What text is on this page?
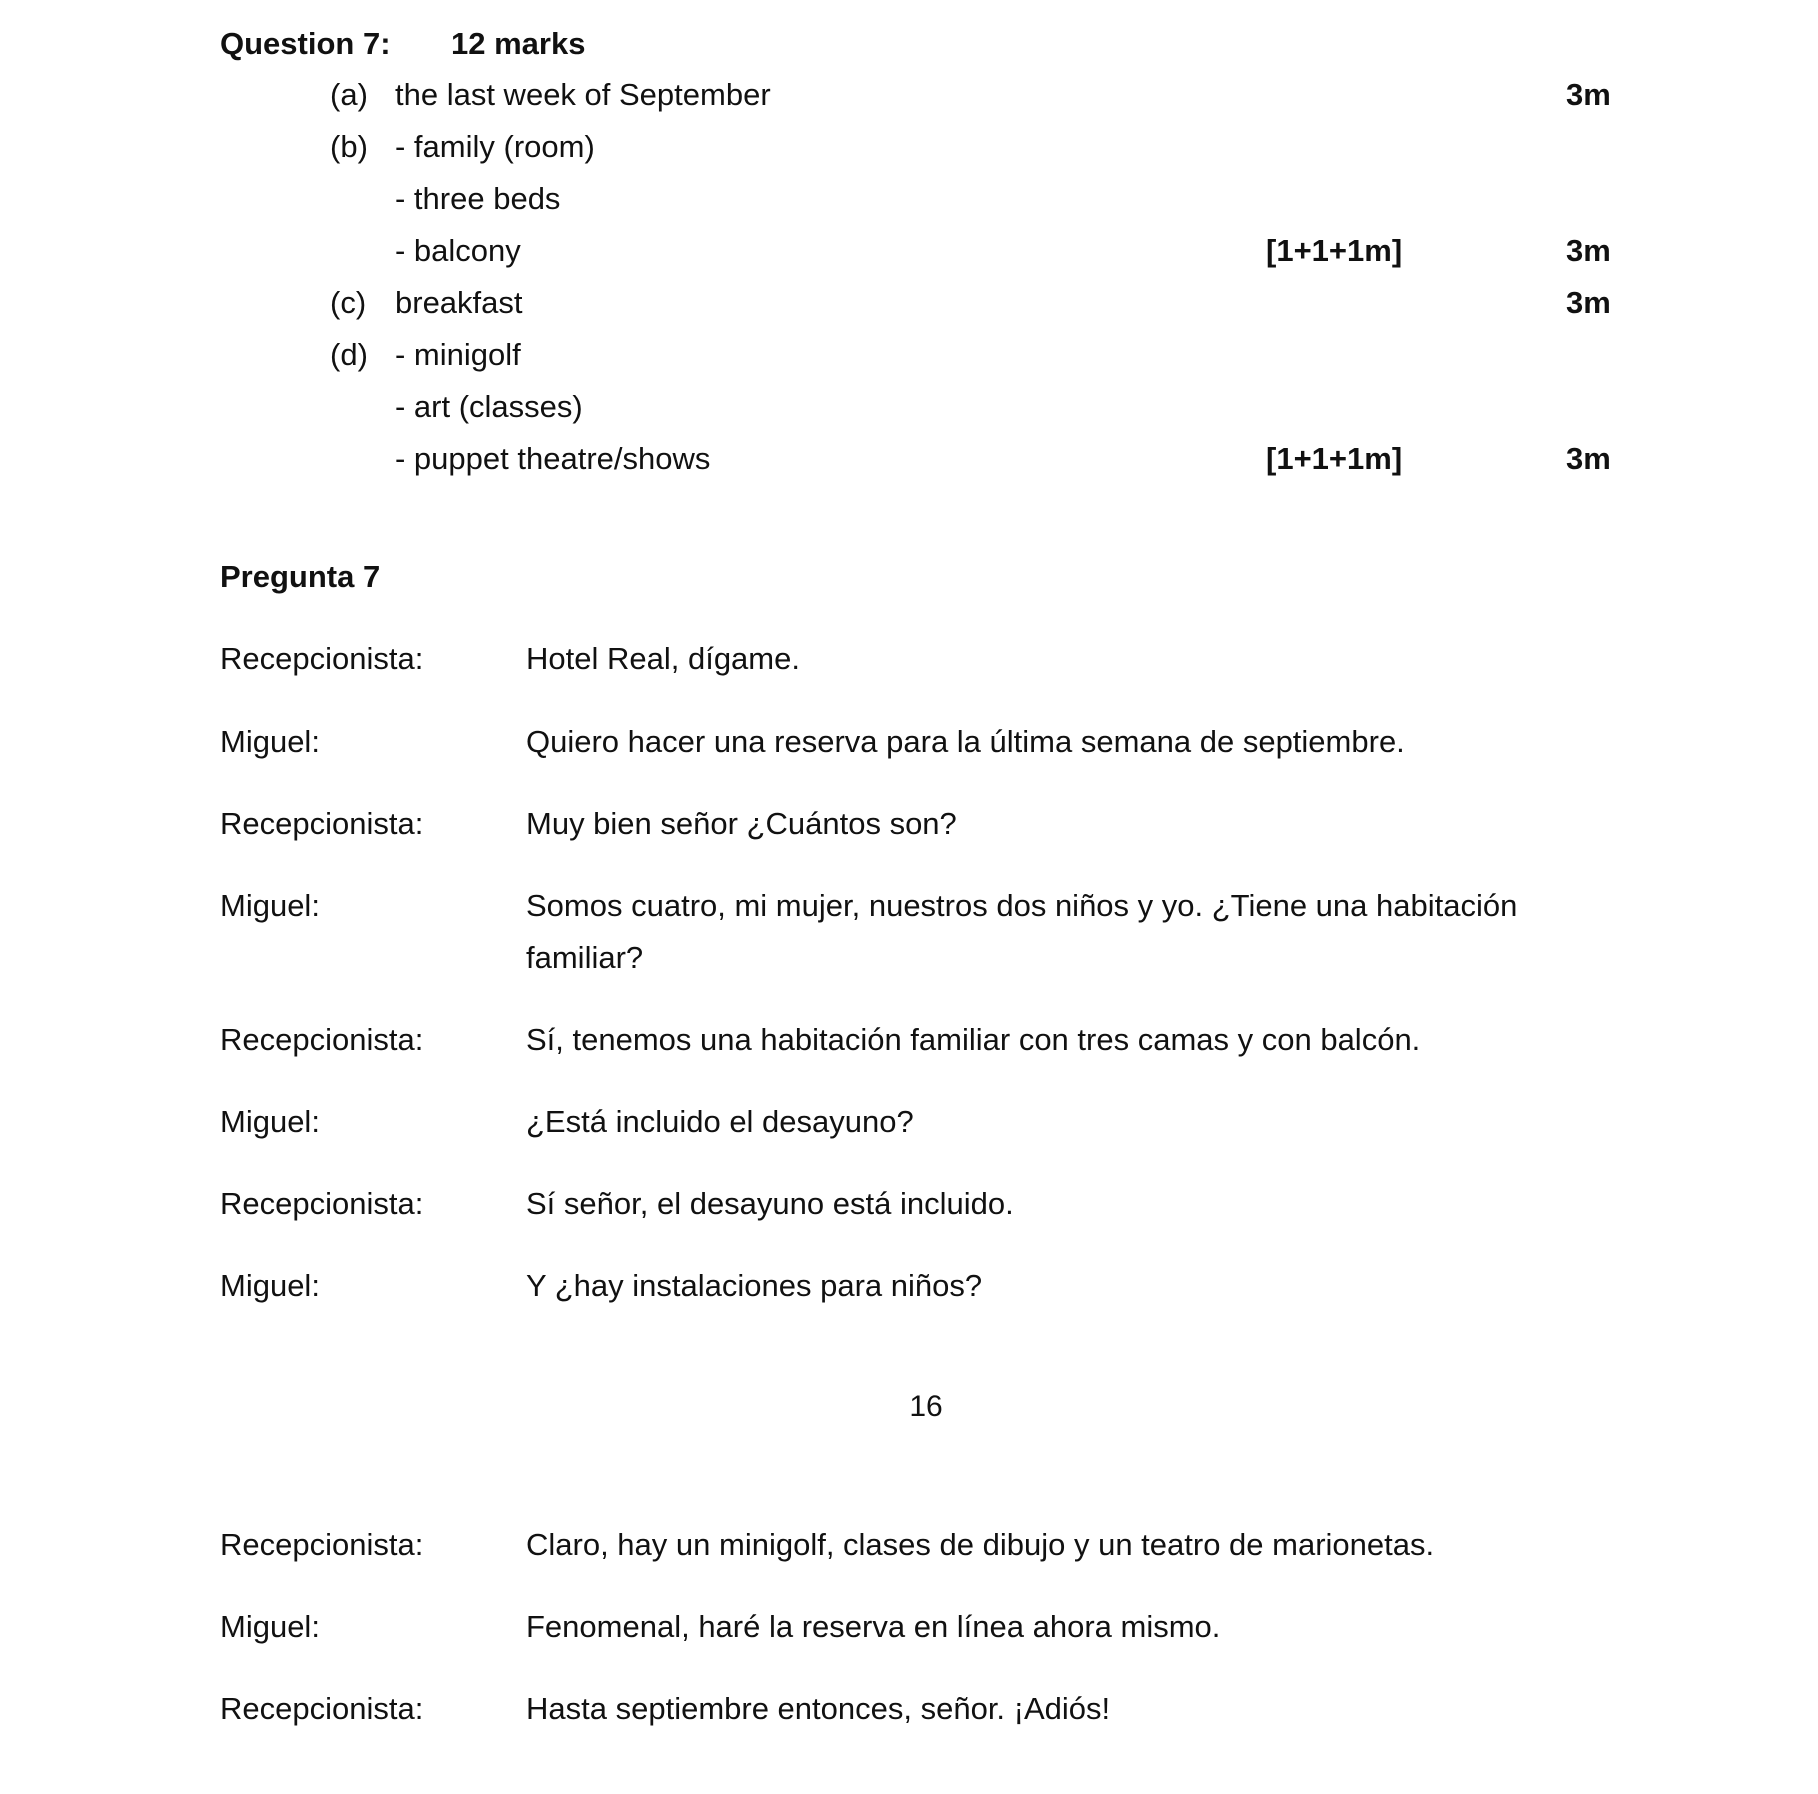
Question 7: 12 marks
(a) the last week of September	3m
(b) - family (room)
- three beds
- balcony	[1+1+1m]	3m
(c) breakfast	3m
(d) - minigolf
- art (classes)
- puppet theatre/shows	[1+1+1m]	3m
Pregunta 7
Recepcionista:	Hotel Real, dígame.
Miguel:	Quiero hacer una reserva para la última semana de septiembre.
Recepcionista:	Muy bien señor ¿Cuántos son?
Miguel:	Somos cuatro, mi mujer, nuestros dos niños y yo. ¿Tiene una habitación familiar?
Recepcionista:	Sí, tenemos una habitación familiar con tres camas y con balcón.
Miguel:	¿Está incluido el desayuno?
Recepcionista:	Sí señor, el desayuno está incluido.
Miguel:	Y ¿hay instalaciones para niños?
Recepcionista:	Claro, hay un minigolf, clases de dibujo y un teatro de marionetas.
Miguel:	Fenomenal, haré la reserva en línea ahora mismo.
Recepcionista:	Hasta septiembre entonces, señor. ¡Adiós!
16
